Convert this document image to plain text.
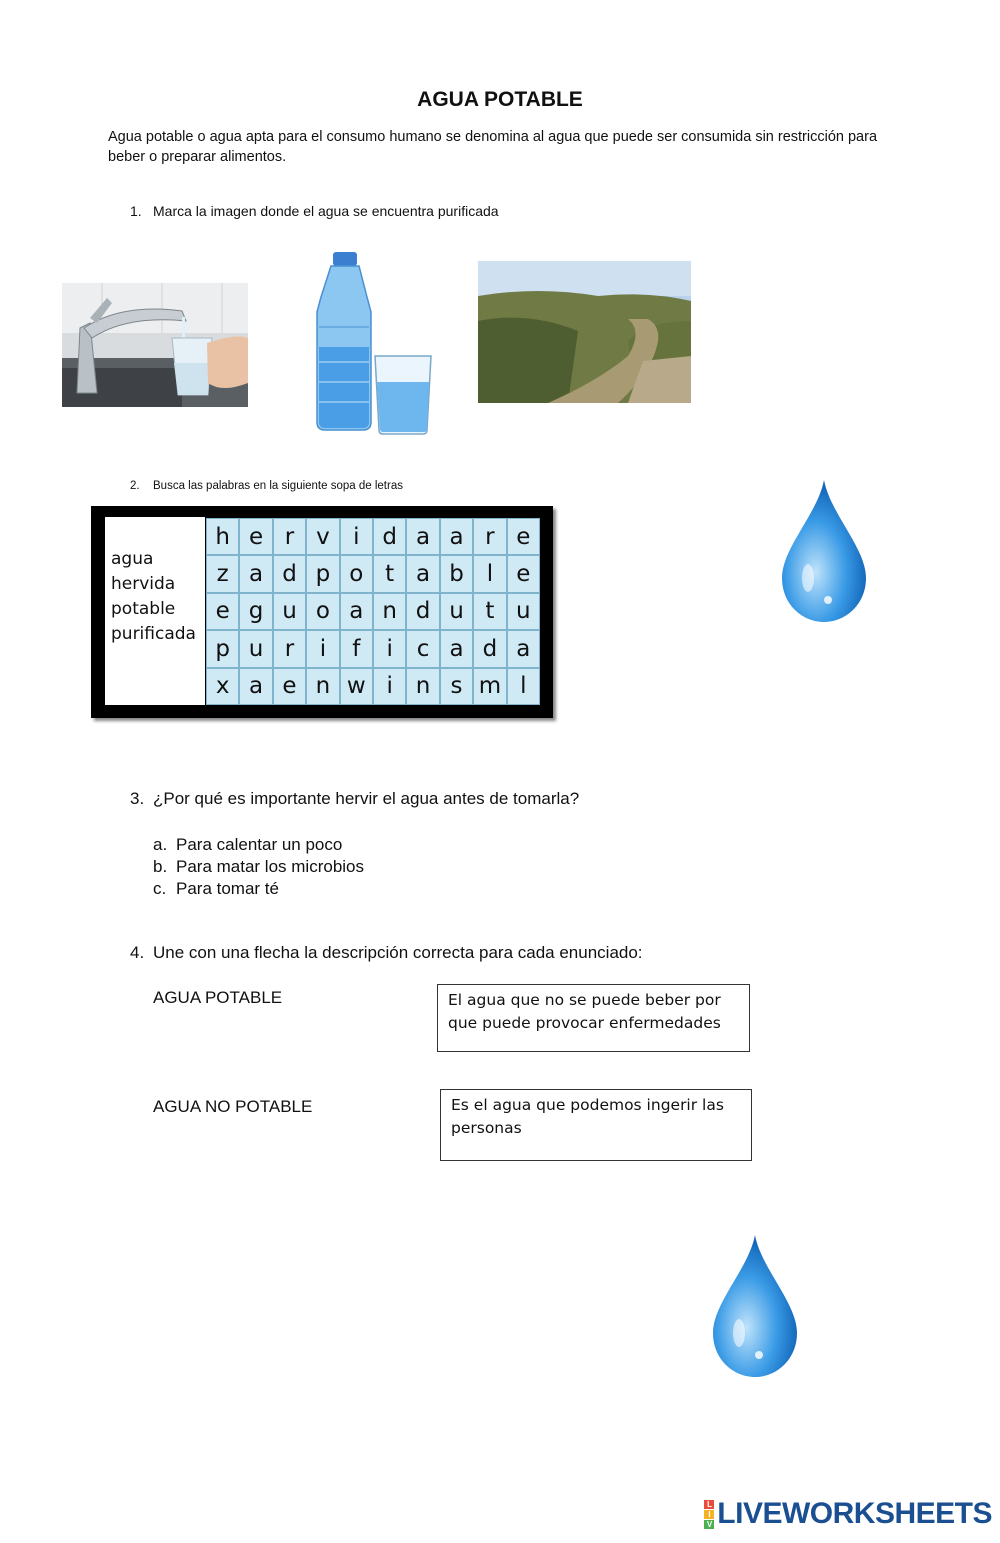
AGUA POTABLE
Agua potable o agua apta para el consumo humano se denomina al agua que puede ser consumida sin restricción para beber o preparar alimentos.
1. Marca la imagen donde el agua se encuentra purificada
2. Busca las palabras en la siguiente sopa de letras
agua
hervida
potable
purificada
h e r v	i d a a r e
z a d p o t a b l	e
e g u o a n d u t u
p u r	i	f	i	c a d a
x a e n w i n s m l
3. ¿Por qué es importante hervir el agua antes de tomarla?
a. Para calentar un poco
b. Para matar los microbios
c. Para tomar té
4. Une con una flecha la descripción correcta para cada enunciado:
AGUA POTABLE
AGUA NO POTABLE
El agua que no se puede beber por que puede provocar enfermedades
Es el agua que podemos ingerir las personas
L
I
V LIVEWORKSHEETS
